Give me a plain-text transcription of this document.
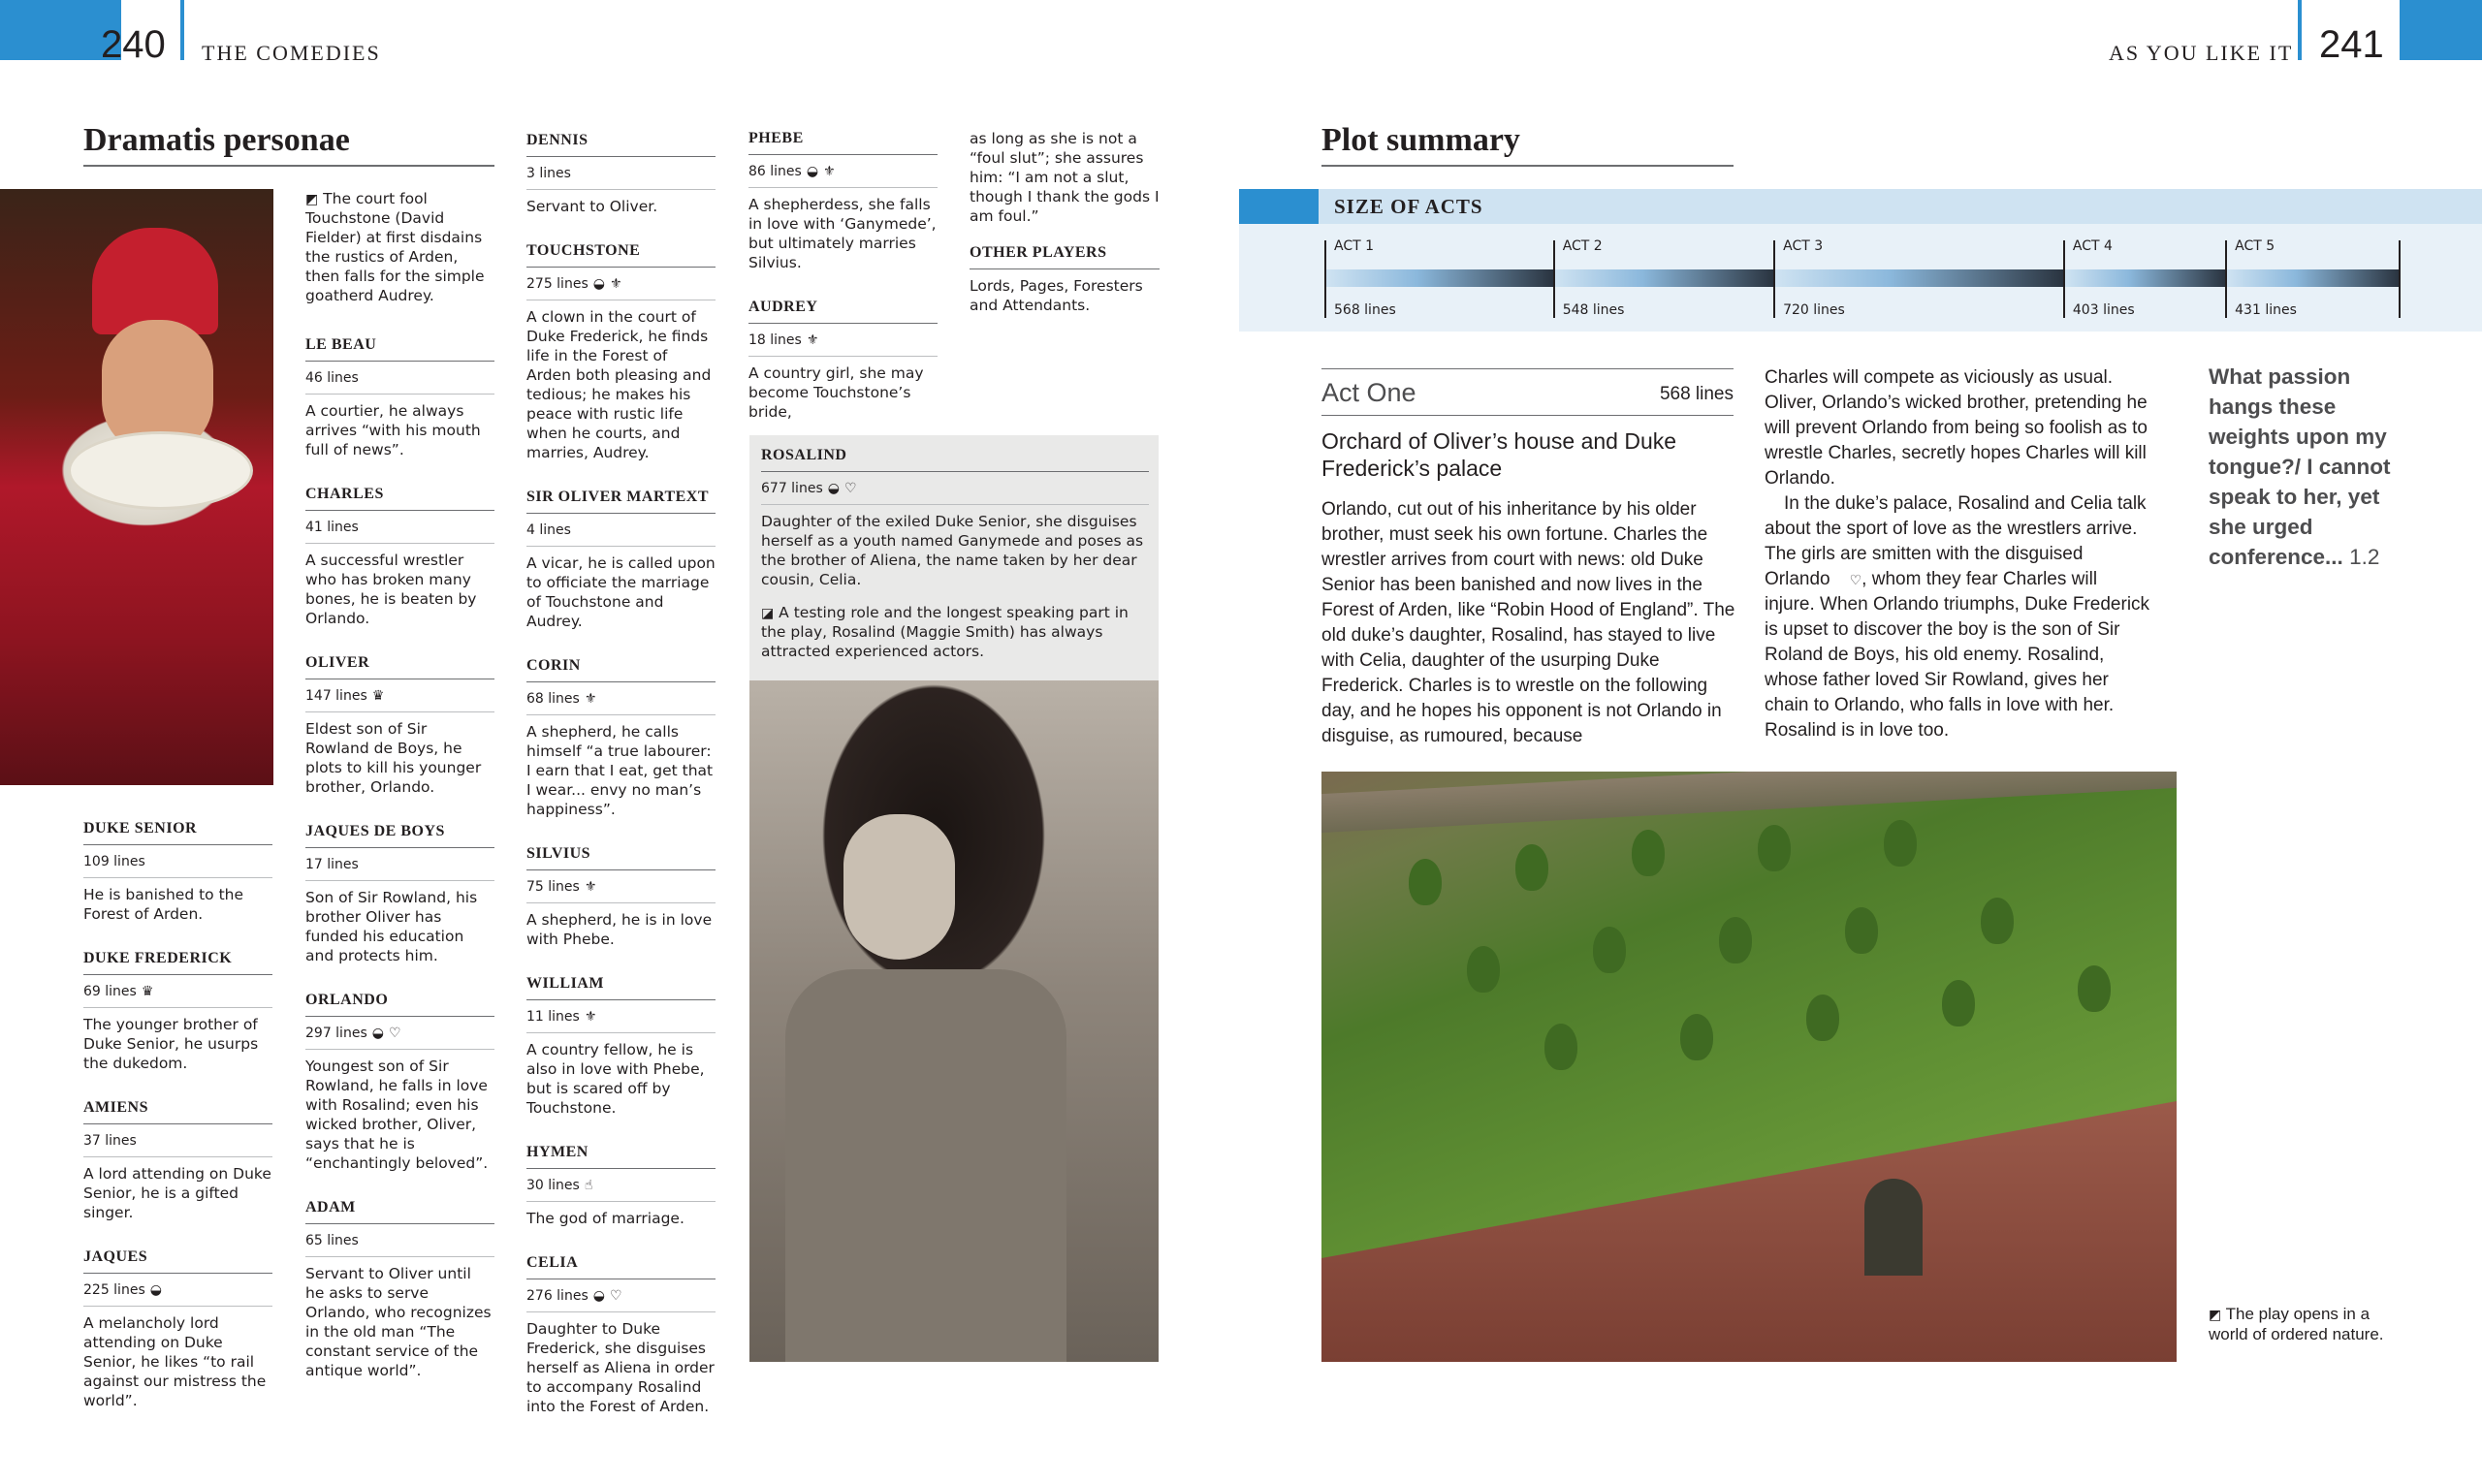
240 THE COMEDIES	241
AS YOU LIKE IT
Dramatis personae
◩ The court fool Touchstone (David Fielder) at first disdains the rustics of Arden, then falls for the simple goatherd Audrey.
DUKE SENIOR
109 lines
He is banished to the Forest of Arden.
DUKE FREDERICK
69 lines ♛
The younger brother of Duke Senior, he usurps the dukedom.
AMIENS
37 lines
A lord attending on Duke Senior, he is a gifted singer.
JAQUES
225 lines ◒
A melancholy lord attending on Duke Senior, he likes “to rail against our mistress the world”.
LE BEAU
46 lines
A courtier, he always arrives “with his mouth full of news”.
CHARLES
41 lines
A successful wrestler who has broken many bones, he is beaten by Orlando.
OLIVER
147 lines ♛
Eldest son of Sir Rowland de Boys, he plots to kill his younger brother, Orlando.
JAQUES DE BOYS
17 lines
Son of Sir Rowland, his brother Oliver has funded his education and protects him.
ORLANDO
297 lines ◒ ♡
Youngest son of Sir Rowland, he falls in love with Rosalind; even his wicked brother, Oliver, says that he is “enchantingly beloved”.
ADAM
65 lines
Servant to Oliver until he asks to serve Orlando, who recognizes in the old man “The constant service of the antique world”.
DENNIS
3 lines
Servant to Oliver.
TOUCHSTONE
275 lines ◒ ⚜
A clown in the court of Duke Frederick, he finds life in the Forest of Arden both pleasing and tedious; he makes his peace with rustic life when he courts, and marries, Audrey.
SIR OLIVER MARTEXT
4 lines
A vicar, he is called upon to officiate the marriage of Touchstone and Audrey.
CORIN
68 lines ⚜
A shepherd, he calls himself “a true labourer: I earn that I eat, get that I wear... envy no man’s happiness”.
SILVIUS
75 lines ⚜
A shepherd, he is in love with Phebe.
WILLIAM
11 lines ⚜
A country fellow, he is also in love with Phebe, but is scared off by Touchstone.
HYMEN
30 lines ☝
The god of marriage.
CELIA
276 lines ◒ ♡
Daughter to Duke Frederick, she disguises herself as Aliena in order to accompany Rosalind into the Forest of Arden.
PHEBE
86 lines ◒ ⚜
A shepherdess, she falls in love with ‘Ganymede’, but ultimately marries Silvius.
AUDREY
18 lines ⚜
A country girl, she may become Touchstone’s bride,
as long as she is not a “foul slut”; she assures him: “I am not a slut, though I thank the gods I am foul.”
OTHER PLAYERS
Lords, Pages, Foresters and Attendants.
ROSALIND
677 lines ◒ ♡
Daughter of the exiled Duke Senior, she disguises herself as a youth named Ganymede and poses as the brother of Aliena, the name taken by her dear cousin, Celia.
◪ A testing role and the longest speaking part in the play, Rosalind (Maggie Smith) has always attracted experienced actors.
Plot summary
SIZE OF ACTS
ACT 1
568 lines
ACT 2
548 lines
ACT 3
720 lines
ACT 4
403 lines
ACT 5
431 lines
Act One	568 lines
Orchard of Oliver’s house and Duke Frederick’s palace
Orlando, cut out of his inheritance by his older brother, must seek his own fortune. Charles the wrestler arrives from court with news: old Duke Senior has been banished and now lives in the Forest of Arden, like “Robin Hood of England”. The old duke’s daughter, Rosalind, has stayed to live with Celia, daughter of the usurping Duke Frederick. Charles is to wrestle on the following day, and he hopes his opponent is not Orlando in disguise, as rumoured, because
Charles will compete as viciously as usual. Oliver, Orlando’s wicked brother, pretending he will prevent Orlando from being so foolish as to wrestle Charles, secretly hopes Charles will kill Orlando.
In the duke’s palace, Rosalind and Celia talk about the sport of love as the wrestlers arrive. The girls are smitten with the disguised Orlando ♡, whom they fear Charles will injure. When Orlando triumphs, Duke Frederick is upset to discover the boy is the son of Sir Roland de Boys, his old enemy. Rosalind, whose father loved Sir Rowland, gives her chain to Orlando, who falls in love with her. Rosalind is in love too.
What passion hangs these weights upon my tongue?/ I cannot speak to her, yet she urged conference... 1.2
◩ The play opens in a world of ordered nature.
